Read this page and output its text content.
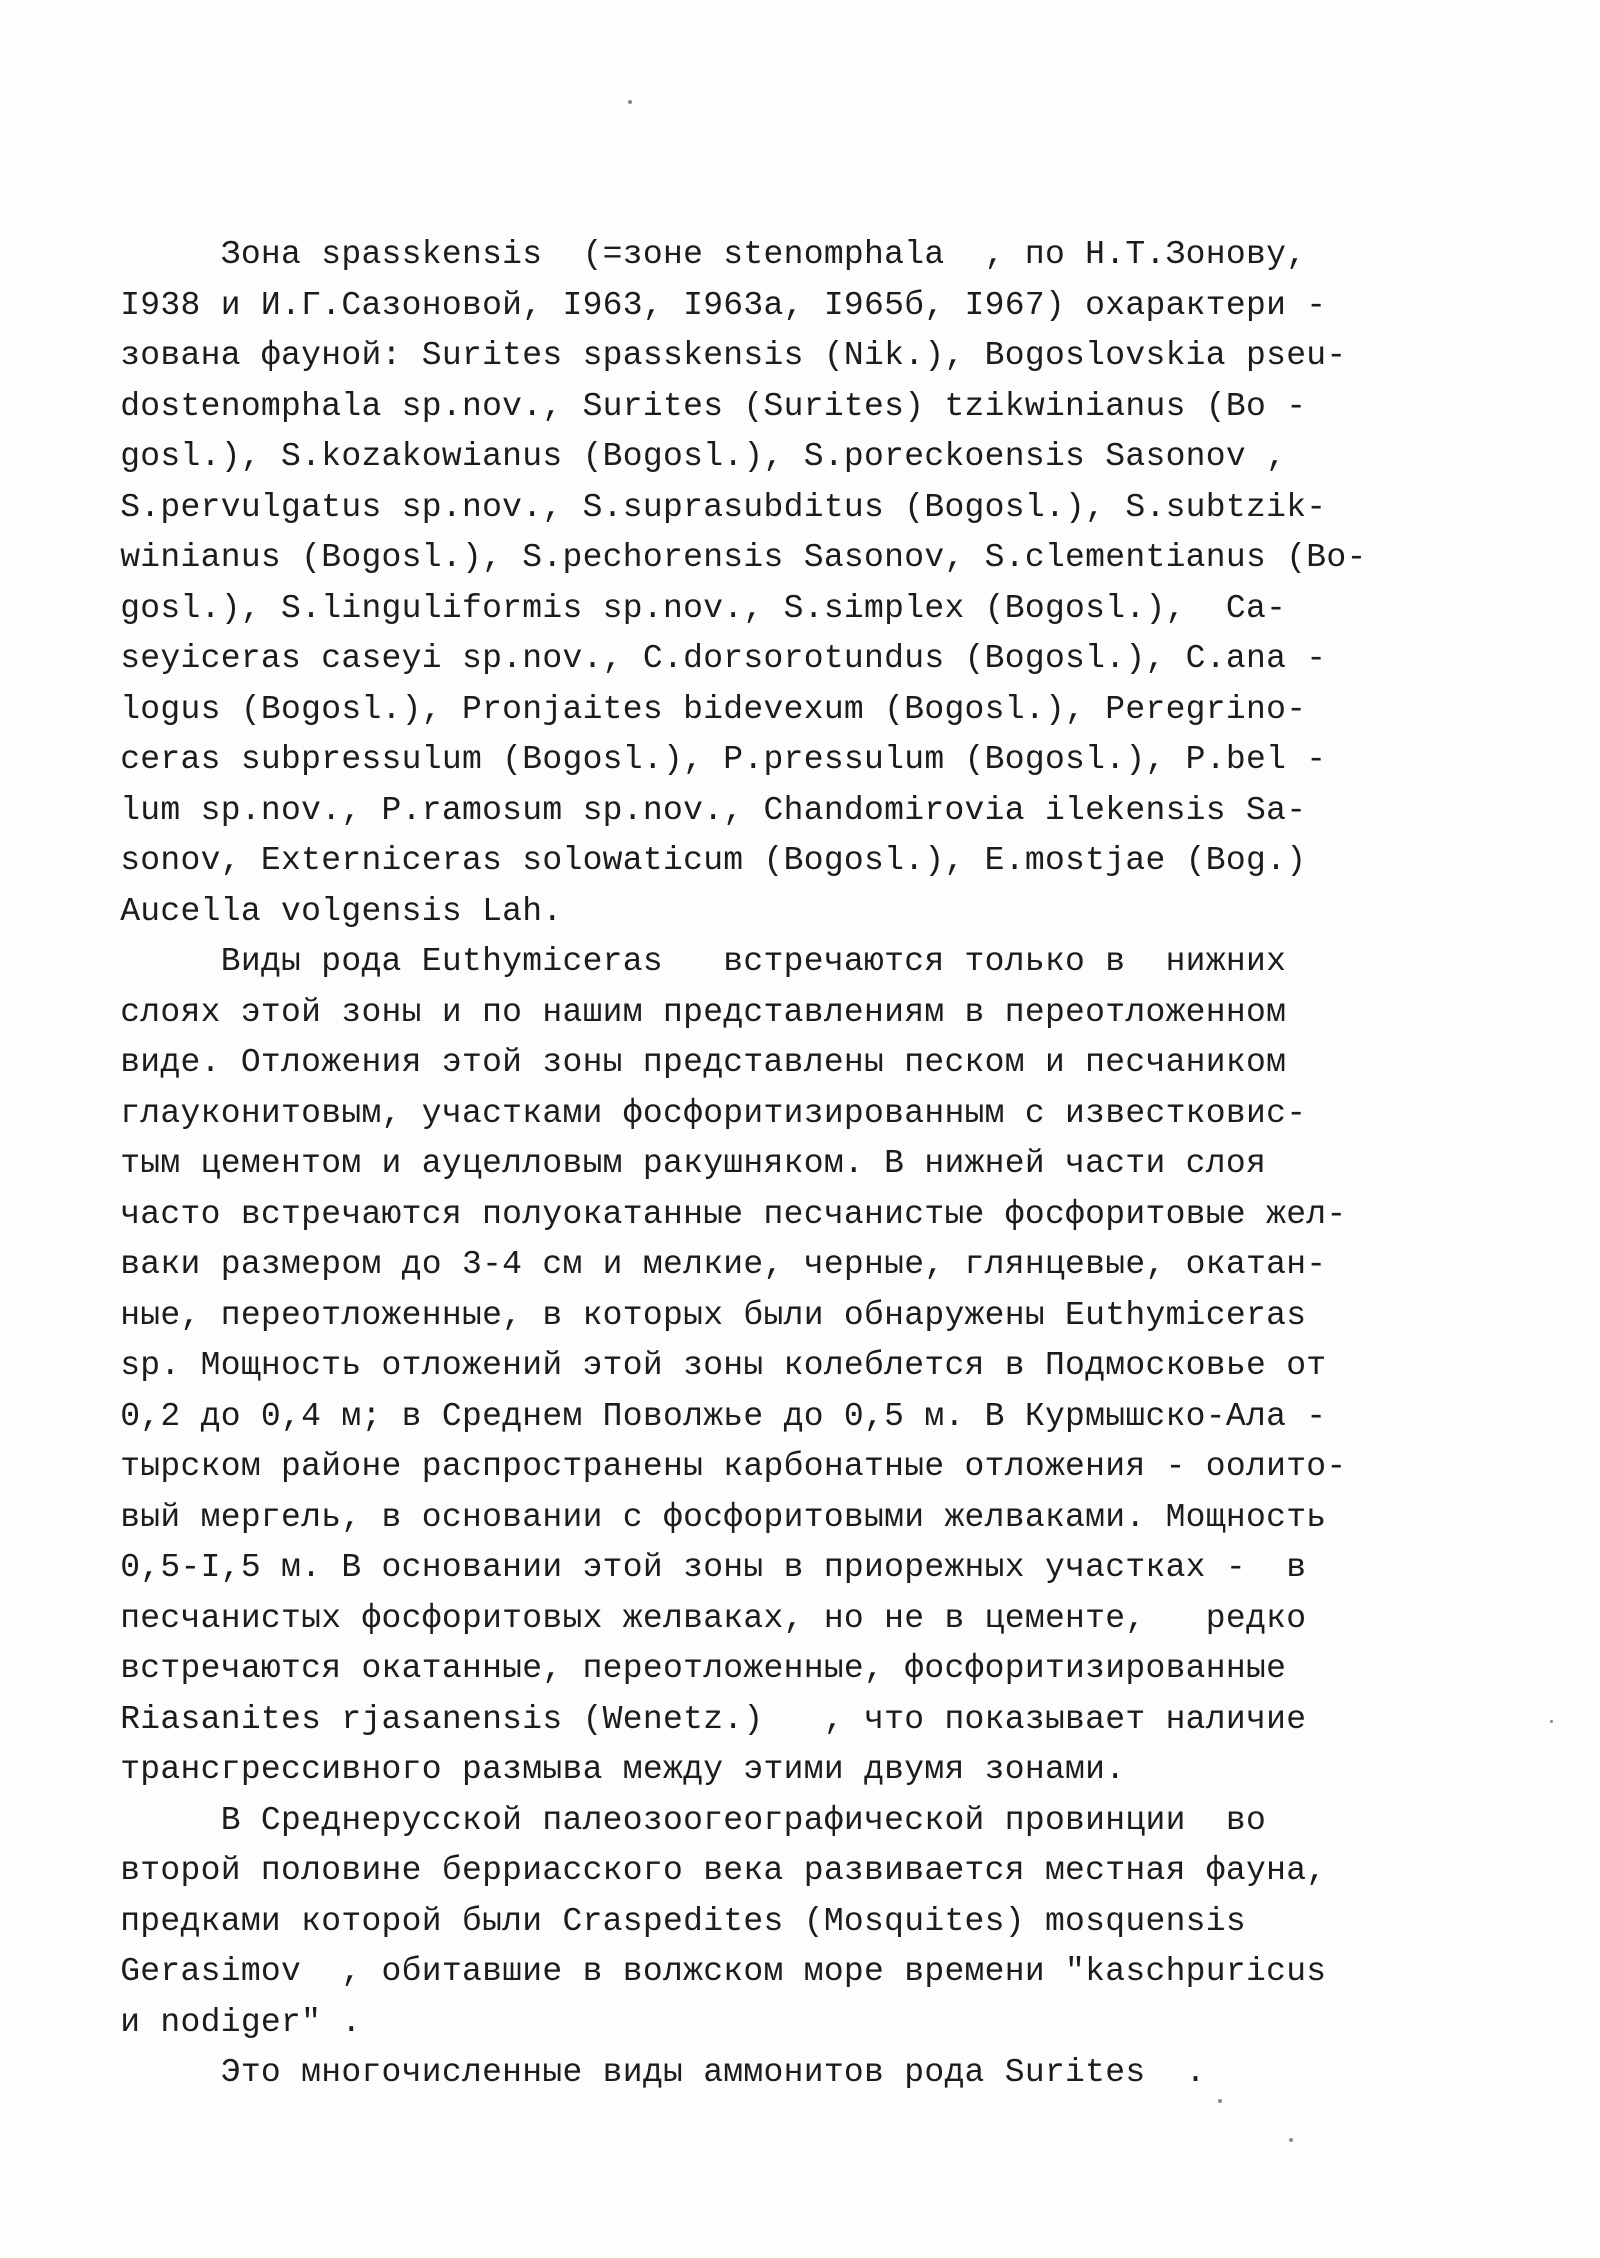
Зона spasskensis  (=зоне stenomphala  , по Н.Т.Зонову,
I938 и И.Г.Сазоновой, I963, I963а, I965б, I967) охарактери -
зована фауной: Surites spasskensis (Nik.), Bogoslovskia pseu-
dostenomphala sp.nov., Surites (Surites) tzikwinianus (Bo -
gosl.), S.kozakowianus (Bogosl.), S.poreckoensis Sasonov ,
S.pervulgatus sp.nov., S.suprasubditus (Bogosl.), S.subtzik-
winianus (Bogosl.), S.pechorensis Sasonov, S.clementianus (Bo-
gosl.), S.linguliformis sp.nov., S.simplex (Bogosl.),  Ca-
seyiceras caseyi sp.nov., C.dorsorotundus (Bogosl.), C.ana -
logus (Bogosl.), Pronjaites bidevexum (Bogosl.), Peregrino-
ceras subpressulum (Bogosl.), P.pressulum (Bogosl.), P.bel -
lum sp.nov., P.ramosum sp.nov., Chandomirovia ilekensis Sa-
sonov, Externiceras solowaticum (Bogosl.), E.mostjae (Bog.)
Aucella volgensis Lah.
Виды рода Euthymiceras   встречаются только в  нижних
слоях этой зоны и по нашим представлениям в переотложенном
виде. Отложения этой зоны представлены песком и песчаником
глауконитовым, участками фосфоритизированным с известковис-
тым цементом и ауцелловым ракушняком. В нижней части слоя
часто встречаются полуокатанные песчанистые фосфоритовые жел-
ваки размером до 3-4 см и мелкие, черные, глянцевые, окатан-
ные, переотложенные, в которых были обнаружены Euthymiceras
sp. Мощность отложений этой зоны колеблется в Подмосковье от
0,2 до 0,4 м; в Среднем Поволжье до 0,5 м. В Курмышско-Ала -
тырском районе распространены карбонатные отложения - оолито-
вый мергель, в основании с фосфоритовыми желваками. Мощность
0,5-I,5 м. В основании этой зоны в приорежных участках -  в
песчанистых фосфоритовых желваках, но не в цементе,   редко
встречаются окатанные, переотложенные, фосфоритизированные
Riasanites rjasanensis (Wenetz.)   , что показывает наличие
трансгрессивного размыва между этими двумя зонами.
В Среднерусской палеозоогеографической провинции  во
второй половине берриасского века развивается местная фауна,
предками которой были Craspedites (Mosquites) mosquensis
Gerasimov  , обитавшие в волжском море времени "kaschpuricus
и nodiger" .
Это многочисленные виды аммонитов рода Surites  .
